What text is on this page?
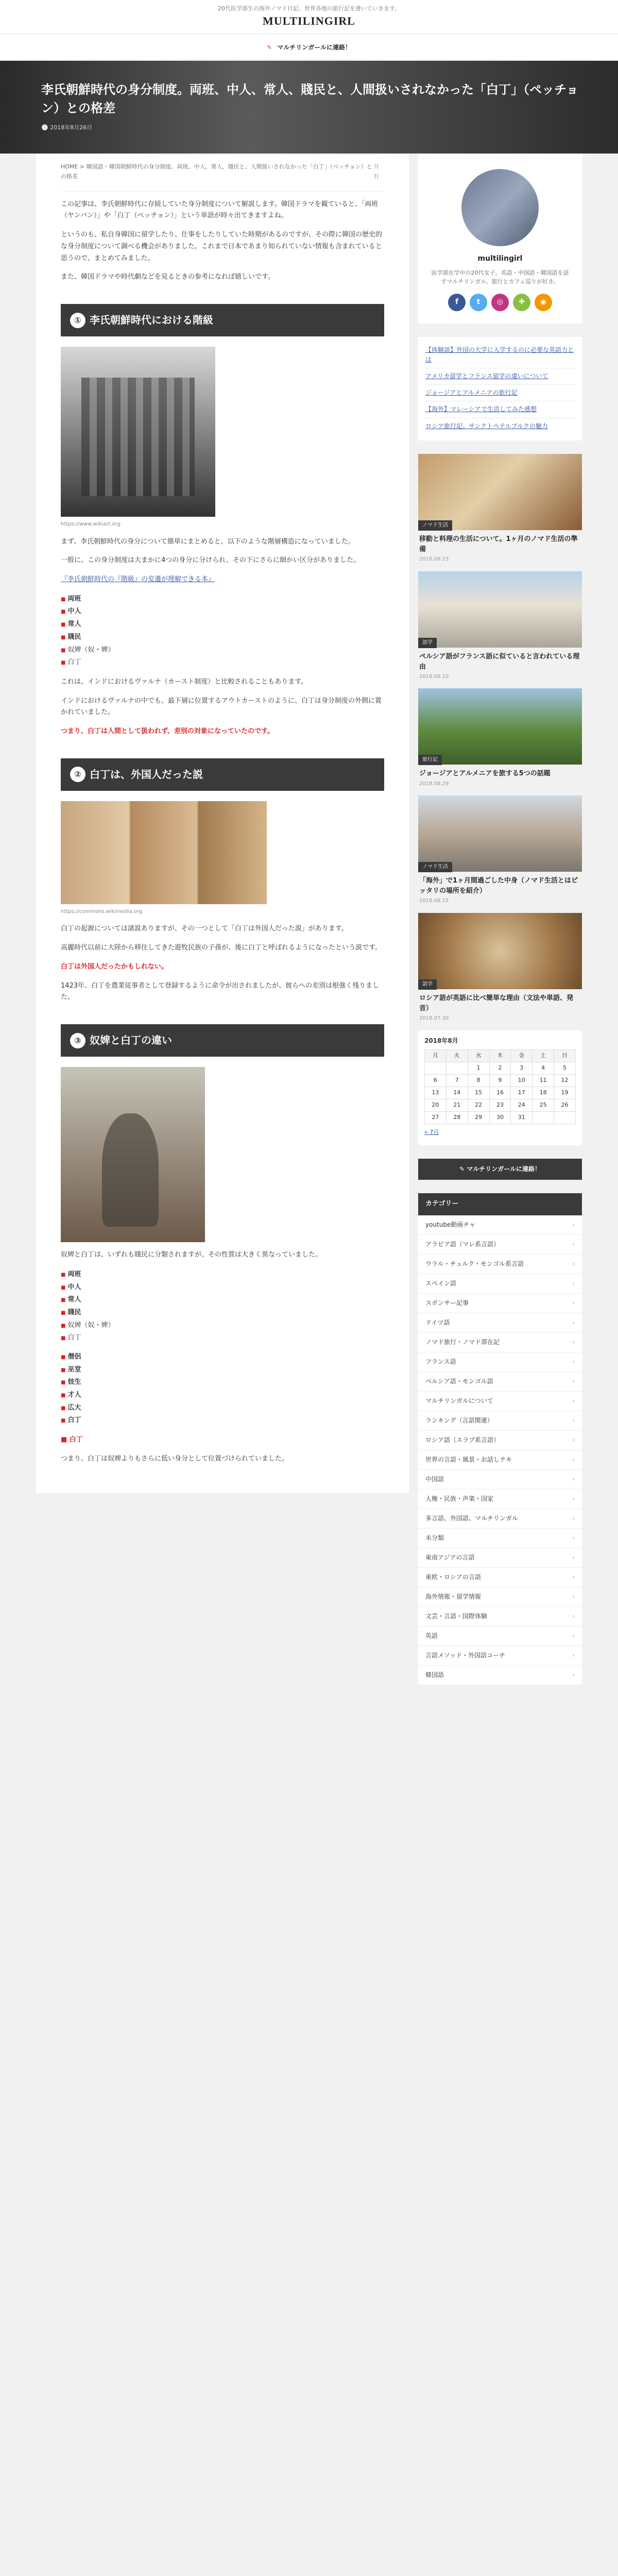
20代医学部生の海外ノマド日記。世界各地の旅行記を書いていきます。
MULTILINGIRL
✎ マルチリンガールに連絡！
李氏朝鮮時代の身分制度。両班、中人、常人、賤民と、人間扱いされなかった「白丁」（ペッチョン）との格差
🕓 2018年8月26日
HOME > 韓国語・韓国朝鮮時代の身分制度。両班、中人、常人、賤民と、人間扱いされなかった「白丁」（ペッチョン）との格差
共有

この記事は、李氏朝鮮時代に存続していた身分制度について解説します。韓国ドラマを観ていると、「両班（ヤンバン）」や「白丁（ペッチョン）」という単語が時々出てきますよね。

というのも、私自身韓国に留学したり、仕事をしたりしていた時期があるのですが、その際に韓国の歴史的な身分制度について調べる機会がありました。これまで日本であまり知られていない情報も含まれていると思うので、まとめてみました。

また、韓国ドラマや時代劇などを見るときの参考になれば嬉しいです。

① 李氏朝鮮時代における階級
https://www.wikiart.org

まず、李氏朝鮮時代の身分について簡単にまとめると、以下のような階層構造になっていました。

一般に、この身分制度は大まかに4つの身分に分けられ、その下にさらに細かい区分がありました。

『李氏朝鮮時代の『階級』の変遷が理解できる本』

■ 両班
■ 中人
■ 常人
■ 賤民
■ 奴婢（奴・婢）
■ 白丁

これは、インドにおけるヴァルナ（カースト制度）と比較されることもあります。

インドにおけるヴァルナの中でも、最下層に位置するアウトカーストのように、白丁は身分制度の外側に置かれていました。

つまり、白丁は人間として扱われず、差別の対象になっていたのです。

② 白丁は、外国人だった説
https://commons.wikimedia.org

白丁の起源については諸説ありますが、その一つとして「白丁は外国人だった説」があります。

高麗時代以前に大陸から移住してきた遊牧民族の子孫が、後に白丁と呼ばれるようになったという説です。

白丁は外国人だったかもしれない。

1423年、白丁を農業従事者として登録するように命令が出されましたが、彼らへの差別は根強く残りました。

③ 奴婢と白丁の違い

奴婢と白丁は、いずれも賤民に分類されますが、その性質は大きく異なっていました。

■ 両班
■ 中人
■ 常人
■ 賤民
■ 奴婢（奴・婢）
■ 白丁
■ 僧侶
■ 巫堂
■ 妓生
■ 才人
■ 広大
■ 白丁

■ 白丁

つまり、白丁は奴婢よりもさらに低い身分として位置づけられていました。

multilingirl
医学部在学中の20代女子。英語・中国語・韓国語を話すマルチリンガル。旅行とカフェ巡りが好き。
f	t	◎	✚	◉
【体験談】外国の大学に入学するのに必要な英語力とは
アメリカ留学とフランス留学の違いについて
ジョージアとアルメニアの旅行記
【海外】マレーシアで生活してみた感想
ロシア旅行記。サンクトペテルブルクの魅力
ノマド生活
移動と料理の生活について。1ヶ月のノマド生活の準備
2018.09.23
語学
ペルシア語がフランス語に似ていると言われている理由
2018.09.10
旅行記
ジョージアとアルメニアを旅する5つの話題
2018.08.29
ノマド生活
「海外」で1ヶ月間過ごした中身（ノマド生活とはピッタリの場所を紹介）
2018.08.15
語学
ロシア語が英語に比べ簡単な理由（文法や単語、発音）
2018.07.30
2018年8月
月	火	水	木	金	土	日
		1	2	3	4	5
6	7	8	9	10	11	12
13	14	15	16	17	18	19
20	21	22	23	24	25	26
27	28	29	30	31		
« 7月
✎ マルチリンガールに連絡！
カテゴリー
youtube動画チャ	›
アラビア語（マレ系言語）	›
ウラル・チュルク・モンゴル系言語	›
スペイン語	›
スポンサー記事	›
ドイツ語	›
ノマド旅行・ノマド滞在記	›
フランス語	›
ペルシア語・モンゴル語	›
マルチリンガルについて	›
ランキング（言語関連）	›
ロシア語（スラブ系言語）	›
世界の言語・風景・お話しテキ	›
中国語	›
人権・民族・声楽・国家	›
多言語、外国語、マルチリンガル	›
未分類	›
東南アジアの言語	›
東欧・ロシアの言語	›
海外情報・留学情報	›
文芸・言語・国際体験	›
英語	›
言語メソッド・外国語コーチ	›
韓国語	›
